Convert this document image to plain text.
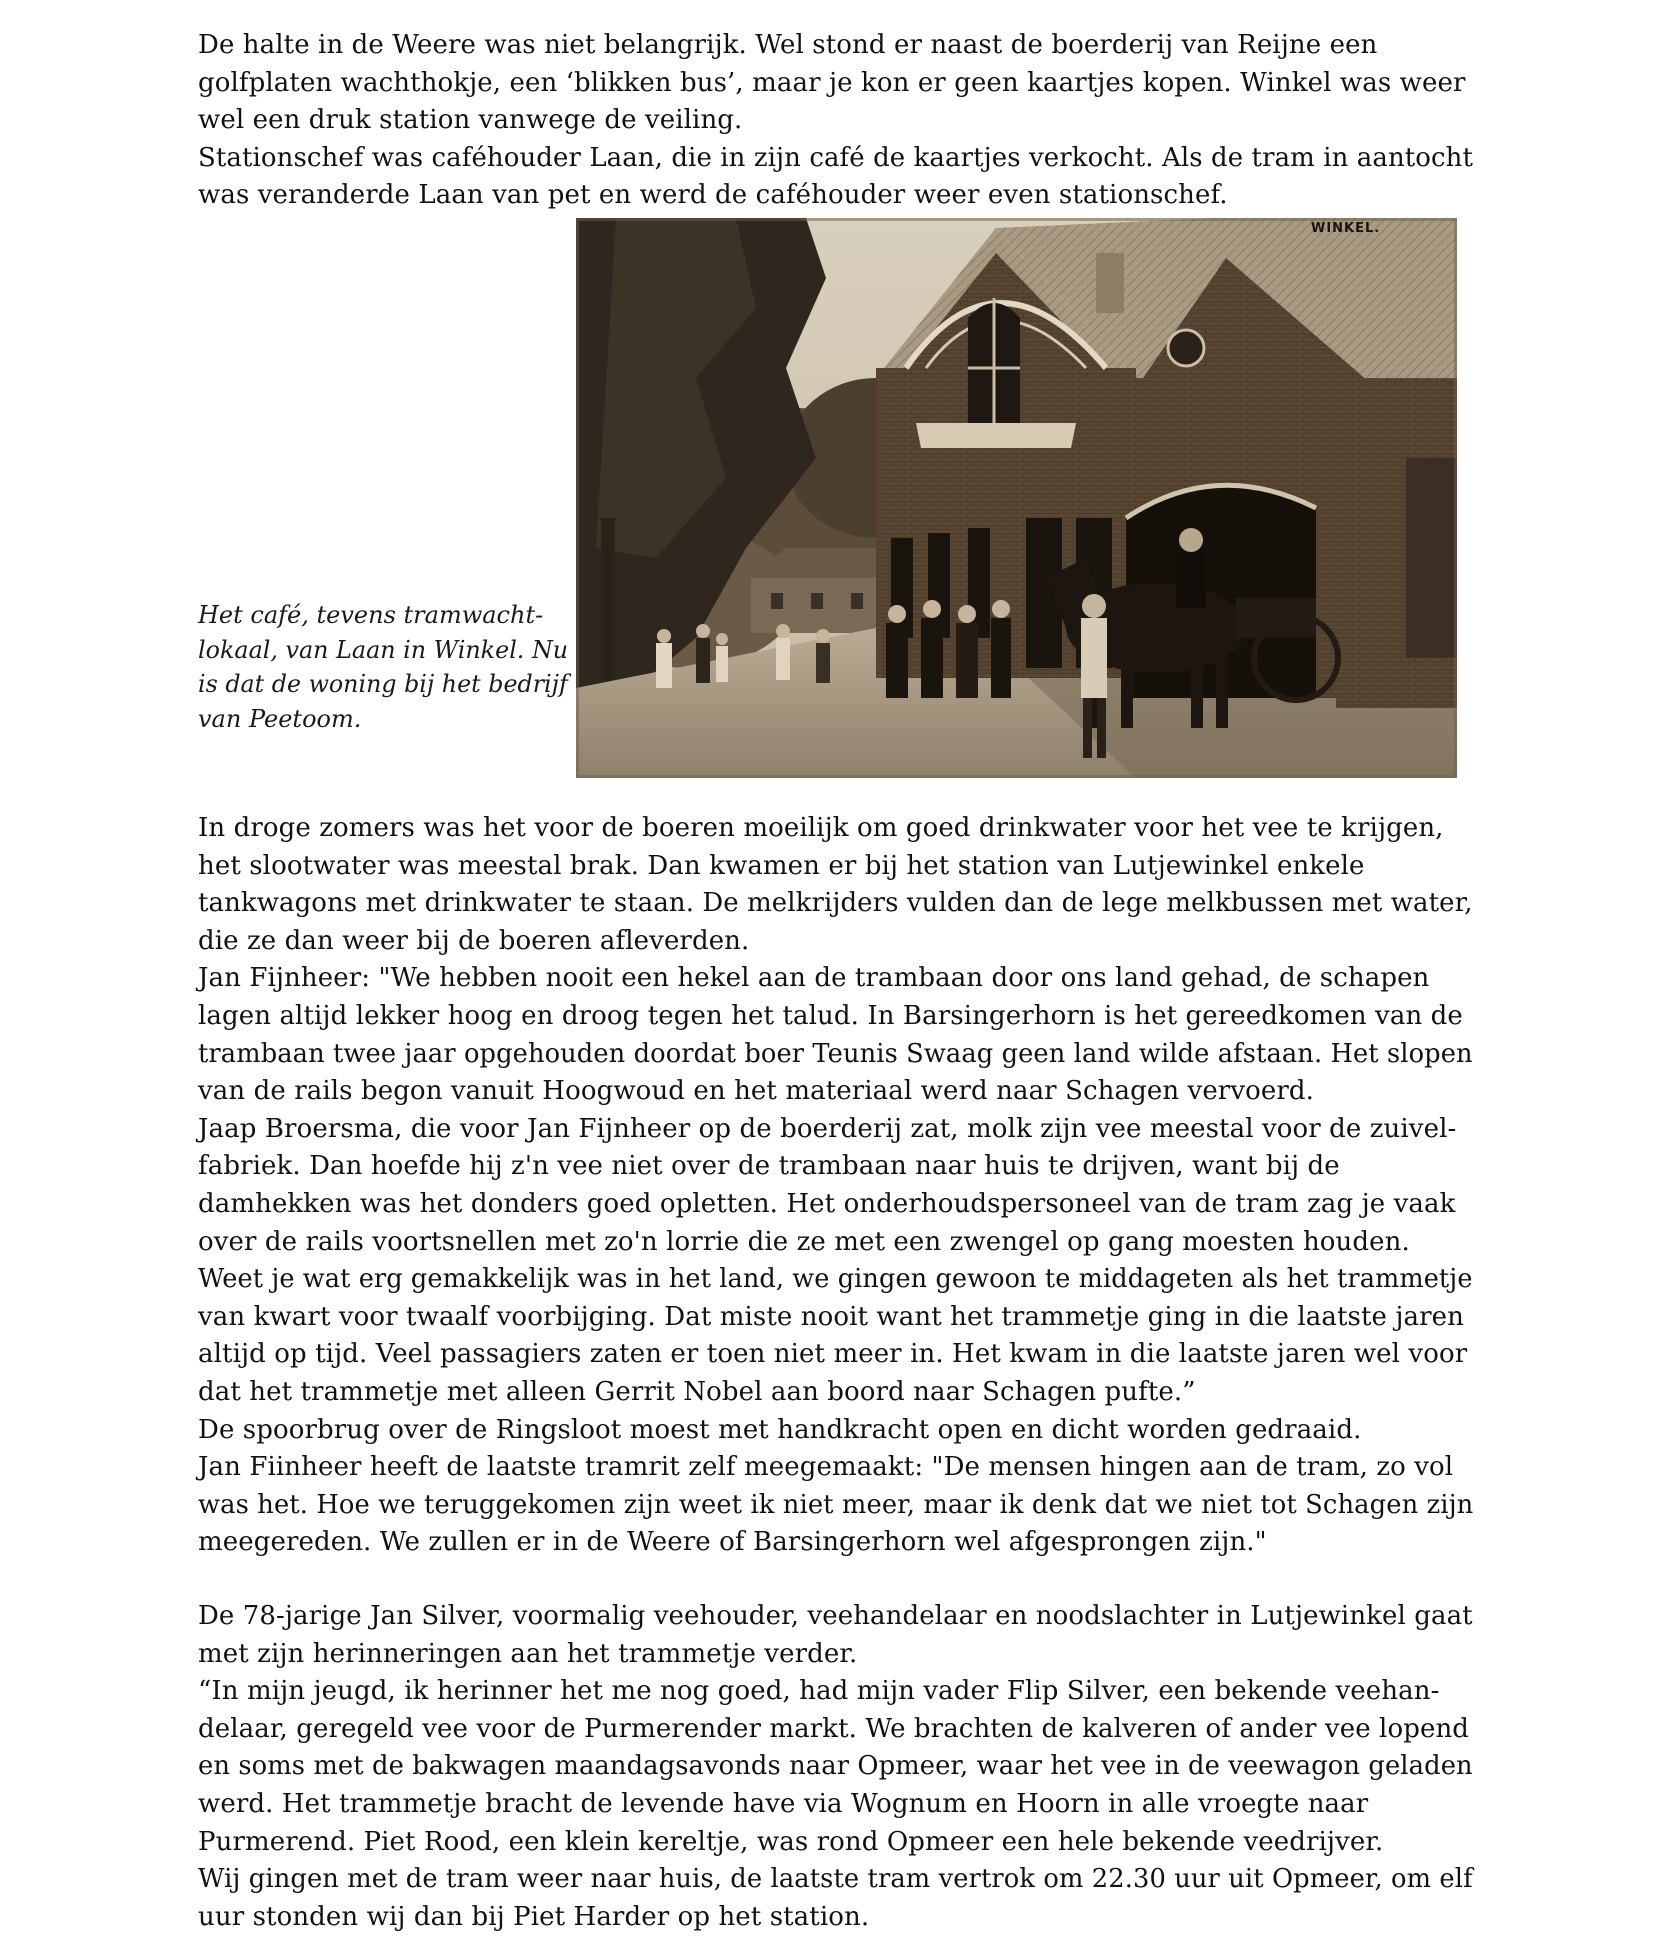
De halte in de Weere was niet belangrijk. Wel stond er naast de boerderij van Reijne een

golfplaten wachthokje, een ‘blikken bus’, maar je kon er geen kaartjes kopen. Winkel was weer

wel een druk station vanwege de veiling.

Stationschef was caféhouder Laan, die in zijn café de kaartjes verkocht. Als de tram in aantocht

was veranderde Laan van pet en werd de caféhouder weer even stationschef.

WINKEL.
Het café, tevens tramwacht-
lokaal, van Laan in Winkel. Nu
is dat de woning bij het bedrijf
van Peetoom.

In droge zomers was het voor de boeren moeilijk om goed drinkwater voor het vee te krijgen,

het slootwater was meestal brak. Dan kwamen er bij het station van Lutjewinkel enkele

tankwagons met drinkwater te staan. De melkrijders vulden dan de lege melkbussen met water,

die ze dan weer bij de boeren afleverden.

Jan Fijnheer: "We hebben nooit een hekel aan de trambaan door ons land gehad, de schapen

lagen altijd lekker hoog en droog tegen het talud. In Barsingerhorn is het gereedkomen van de

trambaan twee jaar opgehouden doordat boer Teunis Swaag geen land wilde afstaan. Het slopen

van de rails begon vanuit Hoogwoud en het materiaal werd naar Schagen vervoerd.

Jaap Broersma, die voor Jan Fijnheer op de boerderij zat, molk zijn vee meestal voor de zuivel-

fabriek. Dan hoefde hij z'n vee niet over de trambaan naar huis te drijven, want bij de

damhekken was het donders goed opletten. Het onderhoudspersoneel van de tram zag je vaak

over de rails voortsnellen met zo'n lorrie die ze met een zwengel op gang moesten houden.

Weet je wat erg gemakkelijk was in het land, we gingen gewoon te middageten als het trammetje

van kwart voor twaalf voorbijging. Dat miste nooit want het trammetje ging in die laatste jaren

altijd op tijd. Veel passagiers zaten er toen niet meer in. Het kwam in die laatste jaren wel voor

dat het trammetje met alleen Gerrit Nobel aan boord naar Schagen pufte.”

De spoorbrug over de Ringsloot moest met handkracht open en dicht worden gedraaid.

Jan Fiinheer heeft de laatste tramrit zelf meegemaakt: "De mensen hingen aan de tram, zo vol

was het. Hoe we teruggekomen zijn weet ik niet meer, maar ik denk dat we niet tot Schagen zijn

meegereden. We zullen er in de Weere of Barsingerhorn wel afgesprongen zijn."

De 78-jarige Jan Silver, voormalig veehouder, veehandelaar en noodslachter in Lutjewinkel gaat

met zijn herinneringen aan het trammetje verder.

“In mijn jeugd, ik herinner het me nog goed, had mijn vader Flip Silver, een bekende veehan-

delaar, geregeld vee voor de Purmerender markt. We brachten de kalveren of ander vee lopend

en soms met de bakwagen maandagsavonds naar Opmeer, waar het vee in de veewagon geladen

werd. Het trammetje bracht de levende have via Wognum en Hoorn in alle vroegte naar

Purmerend. Piet Rood, een klein kereltje, was rond Opmeer een hele bekende veedrijver.

Wij gingen met de tram weer naar huis, de laatste tram vertrok om 22.30 uur uit Opmeer, om elf

uur stonden wij dan bij Piet Harder op het station.
